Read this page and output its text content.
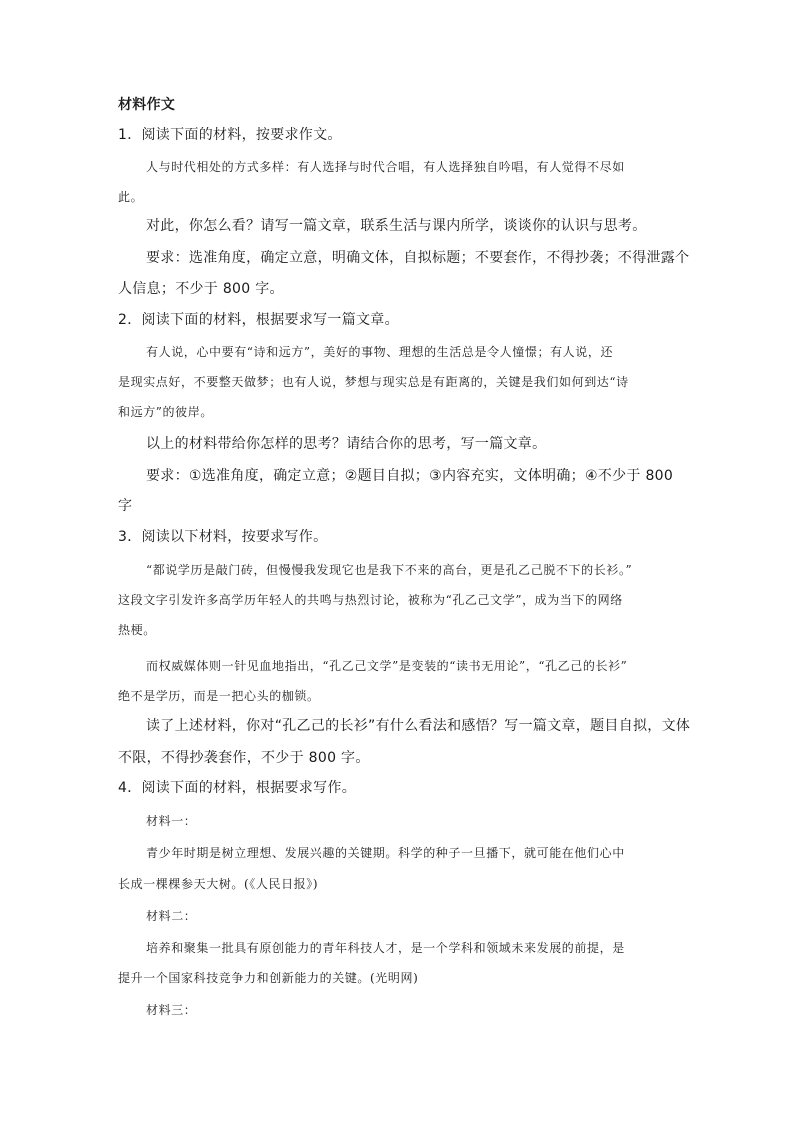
材料作文
1．阅读下面的材料，按要求作文。
人与时代相处的方式多样：有人选择与时代合唱，有人选择独自吟唱，有人觉得不尽如
此。
对此，你怎么看？请写一篇文章，联系生活与课内所学，谈谈你的认识与思考。
要求：选准角度，确定立意，明确文体，自拟标题；不要套作，不得抄袭；不得泄露个
人信息；不少于 800 字。
2．阅读下面的材料，根据要求写一篇文章。
有人说，心中要有“诗和远方”，美好的事物、理想的生活总是令人憧憬；有人说，还
是现实点好，不要整天做梦；也有人说，梦想与现实总是有距离的，关键是我们如何到达“诗
和远方”的彼岸。
以上的材料带给你怎样的思考？请结合你的思考，写一篇文章。
要求：①选准角度，确定立意；②题目自拟；③内容充实，文体明确；④不少于 800
字
3．阅读以下材料，按要求写作。
“都说学历是敲门砖，但慢慢我发现它也是我下不来的高台，更是孔乙己脱不下的长衫。”
这段文字引发许多高学历年轻人的共鸣与热烈讨论，被称为“孔乙己文学”，成为当下的网络
热梗。
而权威媒体则一针见血地指出，“孔乙己文学”是变装的“读书无用论”，“孔乙己的长衫”
绝不是学历，而是一把心头的枷锁。
读了上述材料，你对“孔乙己的长衫”有什么看法和感悟？写一篇文章，题目自拟，文体
不限，不得抄袭套作，不少于 800 字。
4．阅读下面的材料，根据要求写作。
材料一：
青少年时期是树立理想、发展兴趣的关键期。科学的种子一旦播下，就可能在他们心中
长成一棵棵参天大树。(《人民日报》)
材料二：
培养和聚集一批具有原创能力的青年科技人才，是一个学科和领域未来发展的前提，是
提升一个国家科技竞争力和创新能力的关键。(光明网)
材料三：
